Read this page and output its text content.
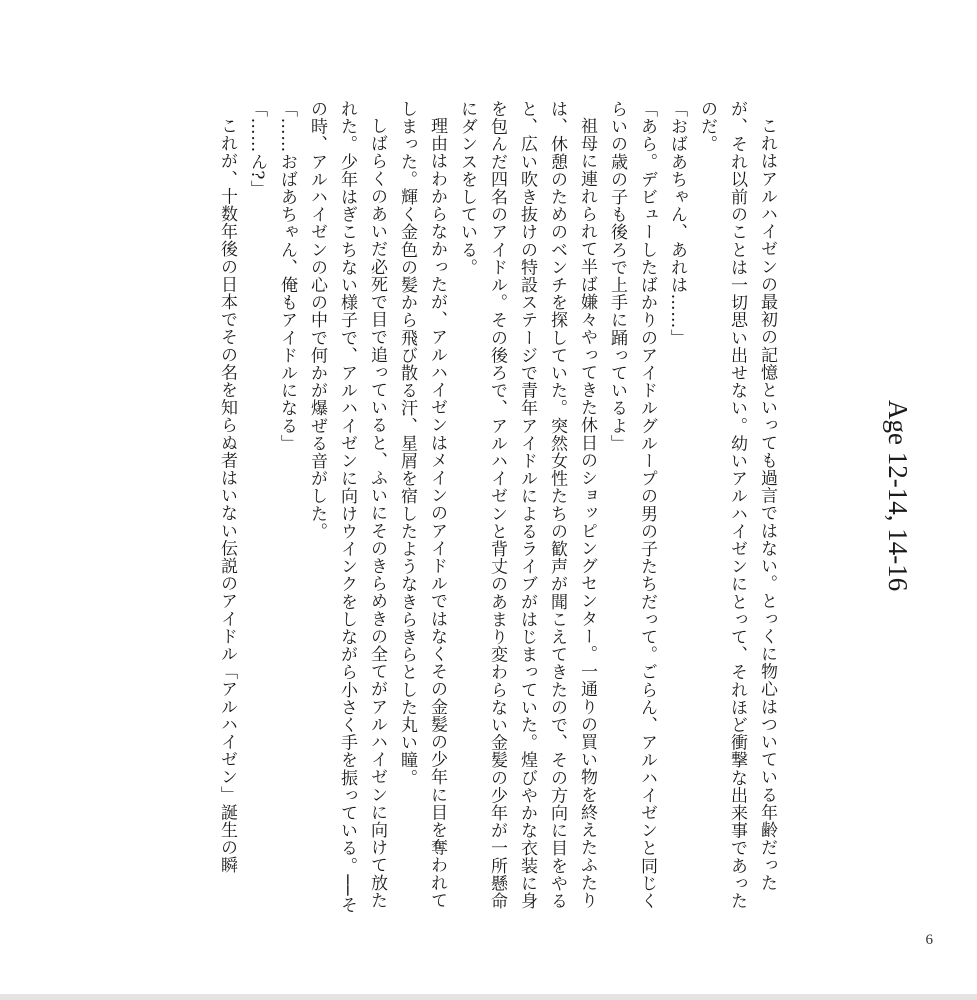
Age 12-14, 14-16

これはアルハイゼンの最初の記憶といっても過言ではない。とっくに物心はついている年齢だったが、それ以前のことは一切思い出せない。幼いアルハイゼンにとって、それほど衝撃な出来事であったのだ。

「おばあちゃん、あれは……」

「あら。デビューしたばかりのアイドルグループの男の子たちだって。ごらん、アルハイゼンと同じくらいの歳の子も後ろで上手に踊っているよ」

祖母に連れられて半ば嫌々やってきた休日のショッピングセンター。一通りの買い物を終えたふたりは、休憩のためのベンチを探していた。突然女性たちの歓声が聞こえてきたので、その方向に目をやると、広い吹き抜けの特設ステージで青年アイドルによるライブがはじまっていた。煌びやかな衣装に身を包んだ四名のアイドル。その後ろで、アルハイゼンと背丈のあまり変わらない金髪の少年が一所懸命にダンスをしている。

理由はわからなかったが、アルハイゼンはメインのアイドルではなくその金髪の少年に目を奪われてしまった。輝く金色の髪から飛び散る汗、星屑を宿したようなきらきらとした丸い瞳。

しばらくのあいだ必死で目で追っていると、ふいにそのきらめきの全てがアルハイゼンに向けて放たれた。少年はぎこちない様子で、アルハイゼンに向けウインクをしながら小さく手を振っている。──その時、アルハイゼンの心の中で何かが爆ぜる音がした。

「……おばあちゃん、俺もアイドルになる」

「……ん?」

これが、十数年後の日本でその名を知らぬ者はいない伝説のアイドル「アルハイゼン」誕生の瞬

6
